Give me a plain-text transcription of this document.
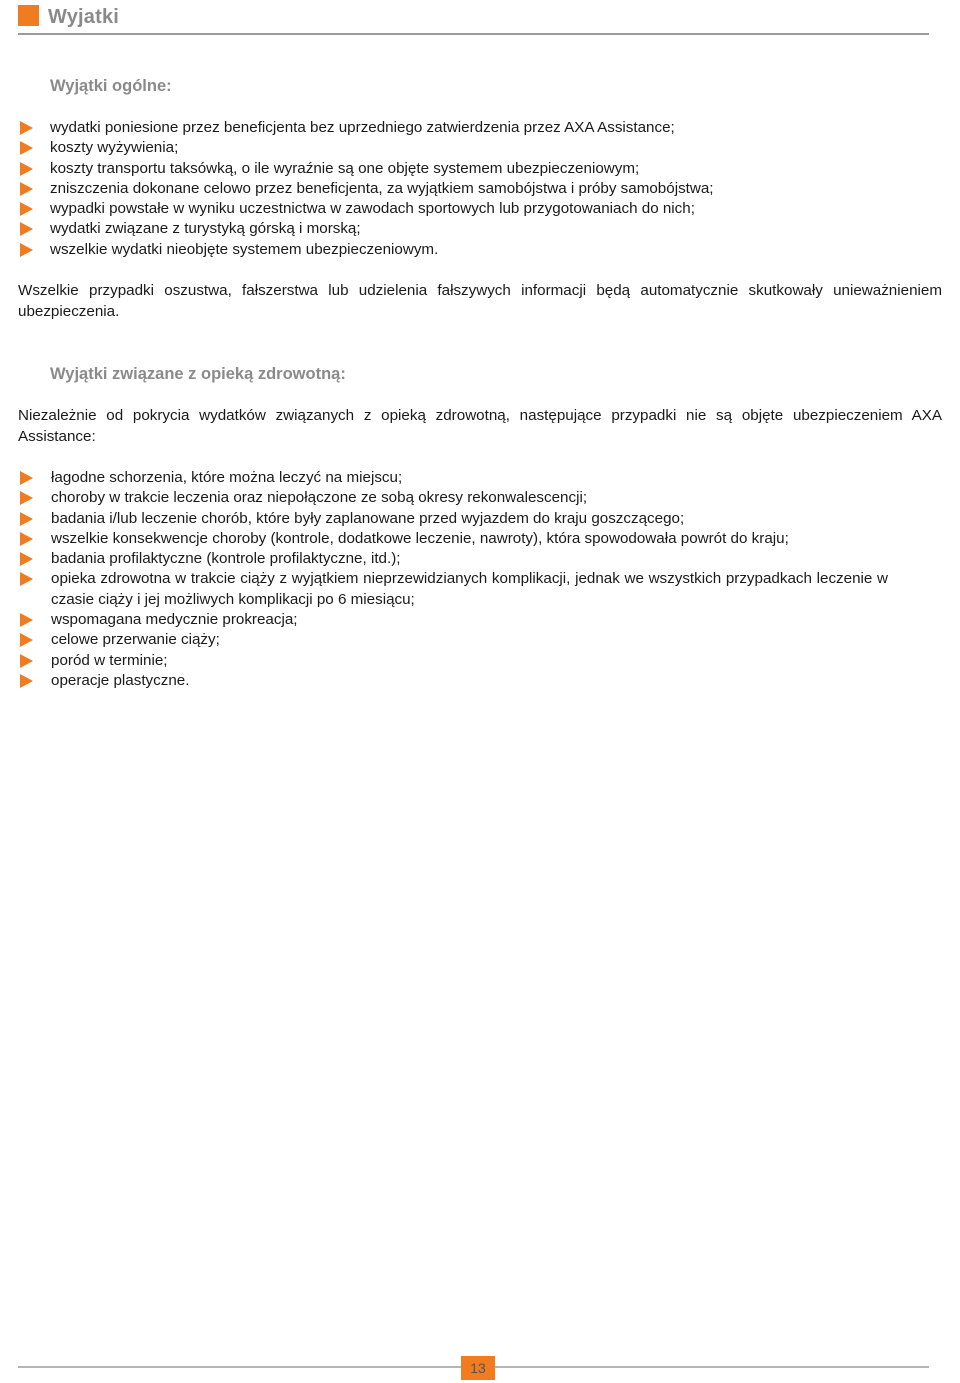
Wyjatki
Wyjątki ogólne:
wydatki poniesione przez beneficjenta bez uprzedniego zatwierdzenia przez AXA Assistance;
koszty wyżywienia;
koszty transportu taksówką, o ile wyraźnie są one objęte systemem ubezpieczeniowym;
zniszczenia dokonane celowo przez beneficjenta, za wyjątkiem samobójstwa i próby samobójstwa;
wypadki powstałe w wyniku uczestnictwa w zawodach sportowych lub przygotowaniach do nich;
wydatki związane z turystyką górską i morską;
wszelkie wydatki nieobjęte systemem ubezpieczeniowym.
Wszelkie przypadki oszustwa, fałszerstwa lub udzielenia fałszywych informacji będą automatycznie skutkowały unieważnieniem ubezpieczenia.
Wyjątki związane z opieką zdrowotną:
Niezależnie od pokrycia wydatków związanych z opieką zdrowotną, następujące przypadki nie są objęte ubezpieczeniem AXA Assistance:
łagodne schorzenia, które można leczyć na miejscu;
choroby w trakcie leczenia oraz niepołączone ze sobą okresy rekonwalescencji;
badania i/lub leczenie chorób, które były zaplanowane przed wyjazdem do kraju goszczącego;
wszelkie konsekwencje choroby (kontrole, dodatkowe leczenie, nawroty), która spowodowała powrót do kraju;
badania profilaktyczne (kontrole profilaktyczne, itd.);
opieka zdrowotna w trakcie ciąży z wyjątkiem nieprzewidzianych komplikacji, jednak we wszystkich przypadkach leczenie w czasie ciąży i jej możliwych komplikacji po 6 miesiącu;
wspomagana medycznie prokreacja;
celowe przerwanie ciąży;
poród w terminie;
operacje plastyczne.
13
